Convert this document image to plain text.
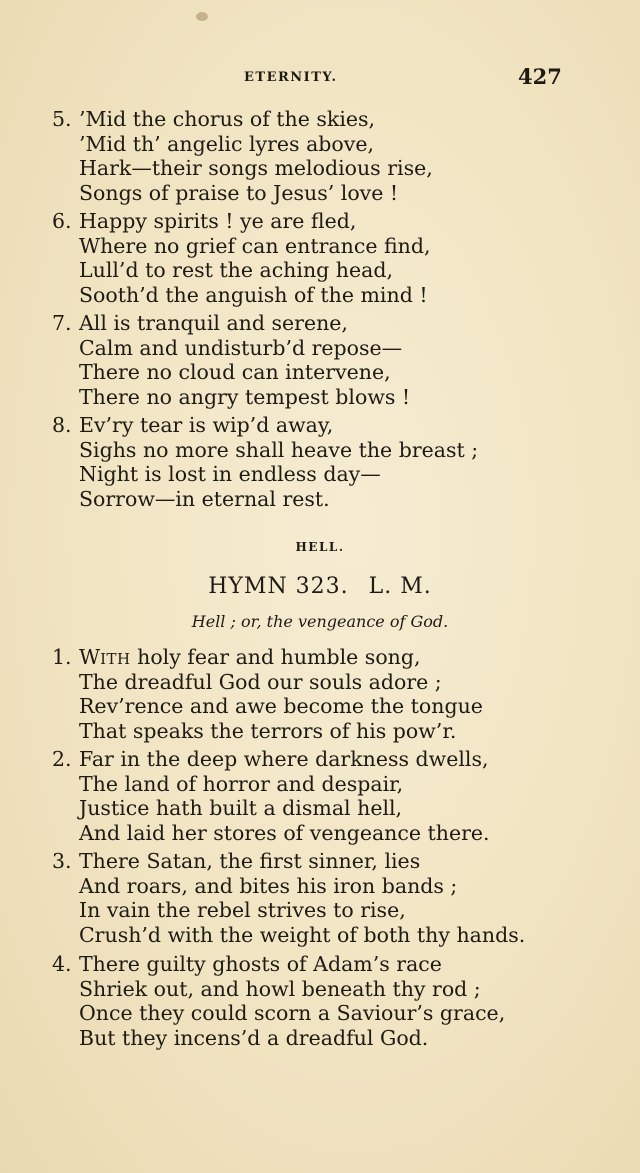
ETERNITY.	427
5. ’Mid the chorus of the skies,
’Mid th’ angelic lyres above,
Hark—their songs melodious rise,
Songs of praise to Jesus’ love !
6. Happy spirits ! ye are fled,
Where no grief can entrance find,
Lull’d to rest the aching head,
Sooth’d the anguish of the mind !
7. All is tranquil and serene,
Calm and undisturb’d repose—
There no cloud can intervene,
There no angry tempest blows !
8. Ev’ry tear is wip’d away,
Sighs no more shall heave the breast ;
Night is lost in endless day—
Sorrow—in eternal rest.
HELL.
HYMN 323. L. M.
Hell ; or, the vengeance of God.
1. WITH holy fear and humble song,
The dreadful God our souls adore ;
Rev’rence and awe become the tongue
That speaks the terrors of his pow’r.
2. Far in the deep where darkness dwells,
The land of horror and despair,
Justice hath built a dismal hell,
And laid her stores of vengeance there.
3. There Satan, the first sinner, lies
And roars, and bites his iron bands ;
In vain the rebel strives to rise,
Crush’d with the weight of both thy hands.
4. There guilty ghosts of Adam’s race
Shriek out, and howl beneath thy rod ;
Once they could scorn a Saviour’s grace,
But they incens’d a dreadful God.
